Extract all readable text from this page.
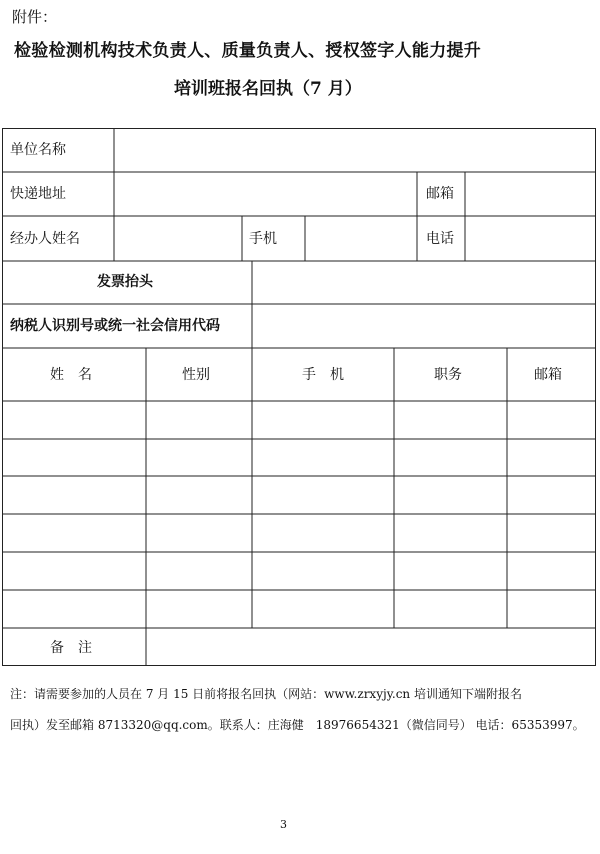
附件：
检验检测机构技术负责人、质量负责人、授权签字人能力提升
培训班报名回执（7 月）
单位名称
快递地址	邮箱
经办人姓名	手机	电话
发票抬头
纳税人识别号或统一社会信用代码
姓　名	性别	手　机	职务	邮箱
备　注
注：请需要参加的人员在 7 月 15 日前将报名回执（网站：www.zrxyjy.cn 培训通知下端附报名
回执）发至邮箱 8713320@qq.com。联系人：庄海健　18976654321（微信同号） 电话：65353997。
3
